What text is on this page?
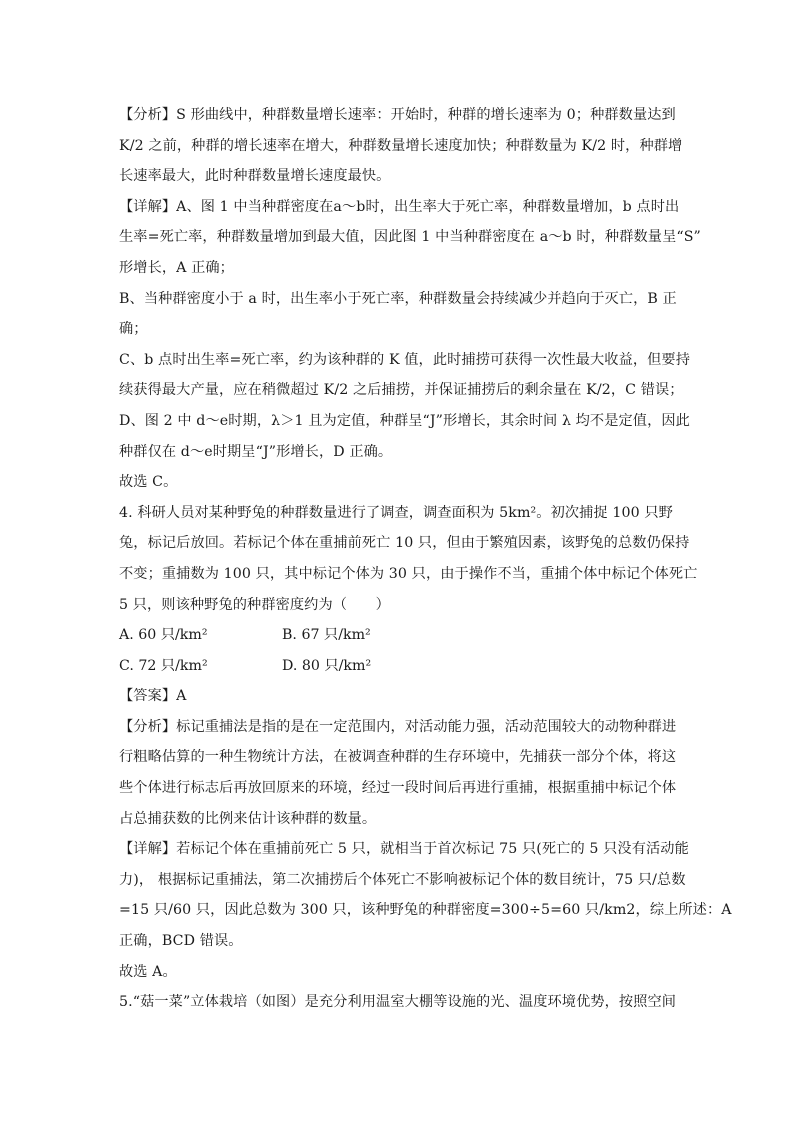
【分析】S 形曲线中，种群数量增长速率：开始时，种群的增长速率为 0；种群数量达到
K/2 之前，种群的增长速率在增大，种群数量增长速度加快；种群数量为 K/2 时，种群增
长速率最大，此时种群数量增长速度最快。
【详解】A、图 1 中当种群密度在a～b时，出生率大于死亡率，种群数量增加，b 点时出
生率=死亡率，种群数量增加到最大值，因此图 1 中当种群密度在 a～b 时，种群数量呈“S”
形增长，A 正确；
B、当种群密度小于 a 时，出生率小于死亡率，种群数量会持续减少并趋向于灭亡，B 正
确；
C、b 点时出生率=死亡率，约为该种群的 K 值，此时捕捞可获得一次性最大收益，但要持
续获得最大产量，应在稍微超过 K/2 之后捕捞，并保证捕捞后的剩余量在 K/2，C 错误；
D、图 2 中 d～e时期，λ＞1 且为定值，种群呈“J”形增长，其余时间 λ 均不是定值，因此
种群仅在 d～e时期呈“J”形增长，D 正确。
故选 C。
4. 科研人员对某种野兔的种群数量进行了调查，调查面积为 5km²。初次捕捉 100 只野
兔，标记后放回。若标记个体在重捕前死亡 10 只，但由于繁殖因素，该野兔的总数仍保持
不变；重捕数为 100 只，其中标记个体为 30 只，由于操作不当，重捕个体中标记个体死亡
5 只，则该种野兔的种群密度约为（　　）
A. 60 只/km²	B. 67 只/km²
C. 72 只/km²	D. 80 只/km²
【答案】A
【分析】标记重捕法是指的是在一定范围内，对活动能力强，活动范围较大的动物种群进
行粗略估算的一种生物统计方法，在被调查种群的生存环境中，先捕获一部分个体，将这
些个体进行标志后再放回原来的环境，经过一段时间后再进行重捕，根据重捕中标记个体
占总捕获数的比例来估计该种群的数量。
【详解】若标记个体在重捕前死亡 5 只，就相当于首次标记 75 只(死亡的 5 只没有活动能
力)， 根据标记重捕法，第二次捕捞后个体死亡不影响被标记个体的数目统计，75 只/总数
=15 只/60 只，因此总数为 300 只，该种野兔的种群密度=300÷5=60 只/km2，综上所述：A
正确，BCD 错误。
故选 A。
5.“菇一菜”立体栽培（如图）是充分利用温室大棚等设施的光、温度环境优势，按照空间
